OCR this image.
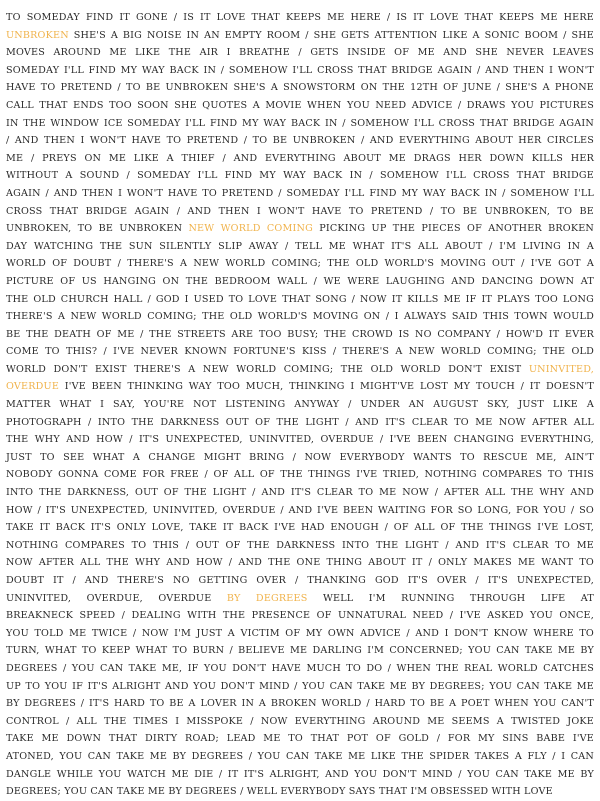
TO SOMEDAY FIND IT GONE / IS IT LOVE THAT KEEPS ME HERE / IS IT LOVE THAT KEEPS ME HERE
UNBROKEN SHE'S A BIG NOISE IN AN EMPTY ROOM / SHE GETS ATTENTION LIKE A SONIC BOOM / SHE
MOVES AROUND ME LIKE THE AIR I BREATHE / GETS INSIDE OF ME AND SHE NEVER LEAVES
SOMEDAY I'LL FIND MY WAY BACK IN / SOMEHOW I'LL CROSS THAT BRIDGE AGAIN / AND THEN I WON'T
HAVE TO PRETEND / TO BE UNBROKEN SHE'S A SNOWSTORM ON THE 12TH OF JUNE / SHE'S A PHONE
CALL THAT ENDS TOO SOON SHE QUOTES A MOVIE WHEN YOU NEED ADVICE / DRAWS YOU PICTURES
IN THE WINDOW ICE SOMEDAY I'LL FIND MY WAY BACK IN / SOMEHOW I'LL CROSS THAT BRIDGE AGAIN
/ AND THEN I WON'T HAVE TO PRETEND / TO BE UNBROKEN / AND EVERYTHING ABOUT HER CIRCLES
ME / PREYS ON ME LIKE A THIEF / AND EVERYTHING ABOUT ME DRAGS HER DOWN KILLS HER
WITHOUT A SOUND / SOMEDAY I'LL FIND MY WAY BACK IN / SOMEHOW I'LL CROSS THAT BRIDGE
AGAIN / AND THEN I WON'T HAVE TO PRETEND / SOMEDAY I'LL FIND MY WAY BACK IN / SOMEHOW I'LL
CROSS THAT BRIDGE AGAIN / AND THEN I WON'T HAVE TO PRETEND / TO BE UNBROKEN, TO BE
UNBROKEN, TO BE UNBROKEN NEW WORLD COMING PICKING UP THE PIECES OF ANOTHER BROKEN
DAY WATCHING THE SUN SILENTLY SLIP AWAY / TELL ME WHAT IT'S ALL ABOUT / I'M LIVING IN A
WORLD OF DOUBT / THERE'S A NEW WORLD COMING; THE OLD WORLD'S MOVING OUT / I'VE GOT A
PICTURE OF US HANGING ON THE BEDROOM WALL / WE WERE LAUGHING AND DANCING DOWN AT
THE OLD CHURCH HALL / GOD I USED TO LOVE THAT SONG / NOW IT KILLS ME IF IT PLAYS TOO LONG
THERE'S A NEW WORLD COMING; THE OLD WORLD'S MOVING ON / I ALWAYS SAID THIS TOWN WOULD
BE THE DEATH OF ME / THE STREETS ARE TOO BUSY; THE CROWD IS NO COMPANY / HOW'D IT EVER
COME TO THIS? / I'VE NEVER KNOWN FORTUNE'S KISS / THERE'S A NEW WORLD COMING; THE OLD
WORLD DON'T EXIST THERE'S A NEW WORLD COMING; THE OLD WORLD DON'T EXIST UNINVITED,
OVERDUE I'VE BEEN THINKING WAY TOO MUCH, THINKING I MIGHT'VE LOST MY TOUCH / IT DOESN'T
MATTER WHAT I SAY, YOU'RE NOT LISTENING ANYWAY / UNDER AN AUGUST SKY, JUST LIKE A
PHOTOGRAPH / INTO THE DARKNESS OUT OF THE LIGHT / AND IT'S CLEAR TO ME NOW AFTER ALL
THE WHY AND HOW / IT'S UNEXPECTED, UNINVITED, OVERDUE / I'VE BEEN CHANGING EVERYTHING,
JUST TO SEE WHAT A CHANGE MIGHT BRING / NOW EVERYBODY WANTS TO RESCUE ME, AIN'T
NOBODY GONNA COME FOR FREE / OF ALL OF THE THINGS I'VE TRIED, NOTHING COMPARES TO THIS
INTO THE DARKNESS, OUT OF THE LIGHT / AND IT'S CLEAR TO ME NOW / AFTER ALL THE WHY AND
HOW / IT'S UNEXPECTED, UNINVITED, OVERDUE / AND I'VE BEEN WAITING FOR SO LONG, FOR YOU / SO
TAKE IT BACK IT'S ONLY LOVE, TAKE IT BACK I'VE HAD ENOUGH / OF ALL OF THE THINGS I'VE LOST,
NOTHING COMPARES TO THIS / OUT OF THE DARKNESS INTO THE LIGHT / AND IT'S CLEAR TO ME
NOW AFTER ALL THE WHY AND HOW / AND THE ONE THING ABOUT IT / ONLY MAKES ME WANT TO
DOUBT IT / AND THERE'S NO GETTING OVER / THANKING GOD IT'S OVER / IT'S UNEXPECTED,
UNINVITED, OVERDUE, OVERDUE BY DEGREES WELL I'M RUNNING THROUGH LIFE AT
BREAKNECK SPEED / DEALING WITH THE PRESENCE OF UNNATURAL NEED / I'VE ASKED YOU ONCE,
YOU TOLD ME TWICE / NOW I'M JUST A VICTIM OF MY OWN ADVICE / AND I DON'T KNOW WHERE TO
TURN, WHAT TO KEEP WHAT TO BURN / BELIEVE ME DARLING I'M CONCERNED; YOU CAN TAKE ME BY
DEGREES / YOU CAN TAKE ME, IF YOU DON'T HAVE MUCH TO DO / WHEN THE REAL WORLD CATCHES
UP TO YOU IF IT'S ALRIGHT AND YOU DON'T MIND / YOU CAN TAKE ME BY DEGREES; YOU CAN TAKE ME
BY DEGREES / IT'S HARD TO BE A LOVER IN A BROKEN WORLD / HARD TO BE A POET WHEN YOU CAN'T
CONTROL / ALL THE TIMES I MISSPOKE / NOW EVERYTHING AROUND ME SEEMS A TWISTED JOKE
TAKE ME DOWN THAT DIRTY ROAD; LEAD ME TO THAT POT OF GOLD / FOR MY SINS BABE I'VE
ATONED, YOU CAN TAKE ME BY DEGREES / YOU CAN TAKE ME LIKE THE SPIDER TAKES A FLY / I CAN
DANGLE WHILE YOU WATCH ME DIE / IT IT'S ALRIGHT, AND YOU DON'T MIND / YOU CAN TAKE ME BY
DEGREES; YOU CAN TAKE ME BY DEGREES / WELL EVERYBODY SAYS THAT I'M OBSESSED WITH LOVE
